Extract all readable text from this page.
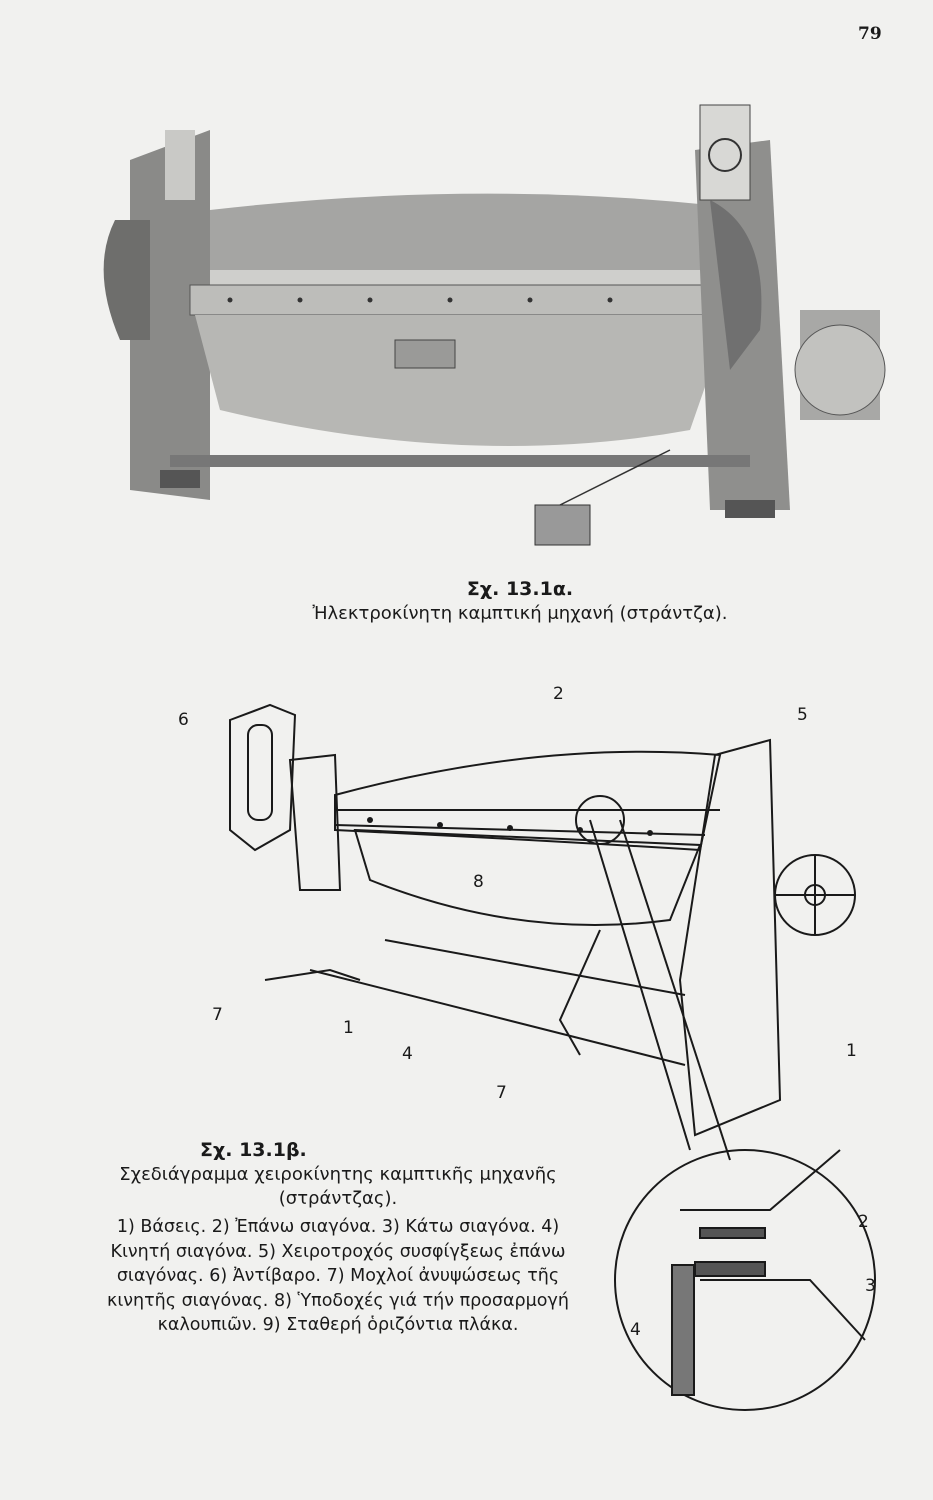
79
Σχ. 13.1α.
Ἠλεκτροκίνητη καμπτική μηχανή (στράντζα).
1
1
2
4
5
6
7
7
8
2
3
4
Σχ. 13.1β.
Σχεδιάγραμμα χειροκίνητης καμπτικῆς μηχανῆς
(στράντζας).
1) Βάσεις. 2) Ἐπάνω σιαγόνα. 3) Κάτω σιαγόνα. 4) Κινητή σιαγόνα. 5) Χειροτροχός συσφίγξεως ἐπάνω σιαγόνας. 6) Ἀντίβαρο. 7) Μοχλοί ἀνυψώσεως τῆς κινητῆς σιαγόνας. 8) Ὑποδοχές γιά τήν προσαρμογή καλουπιῶν. 9) Σταθερή ὁριζόντια πλάκα.
